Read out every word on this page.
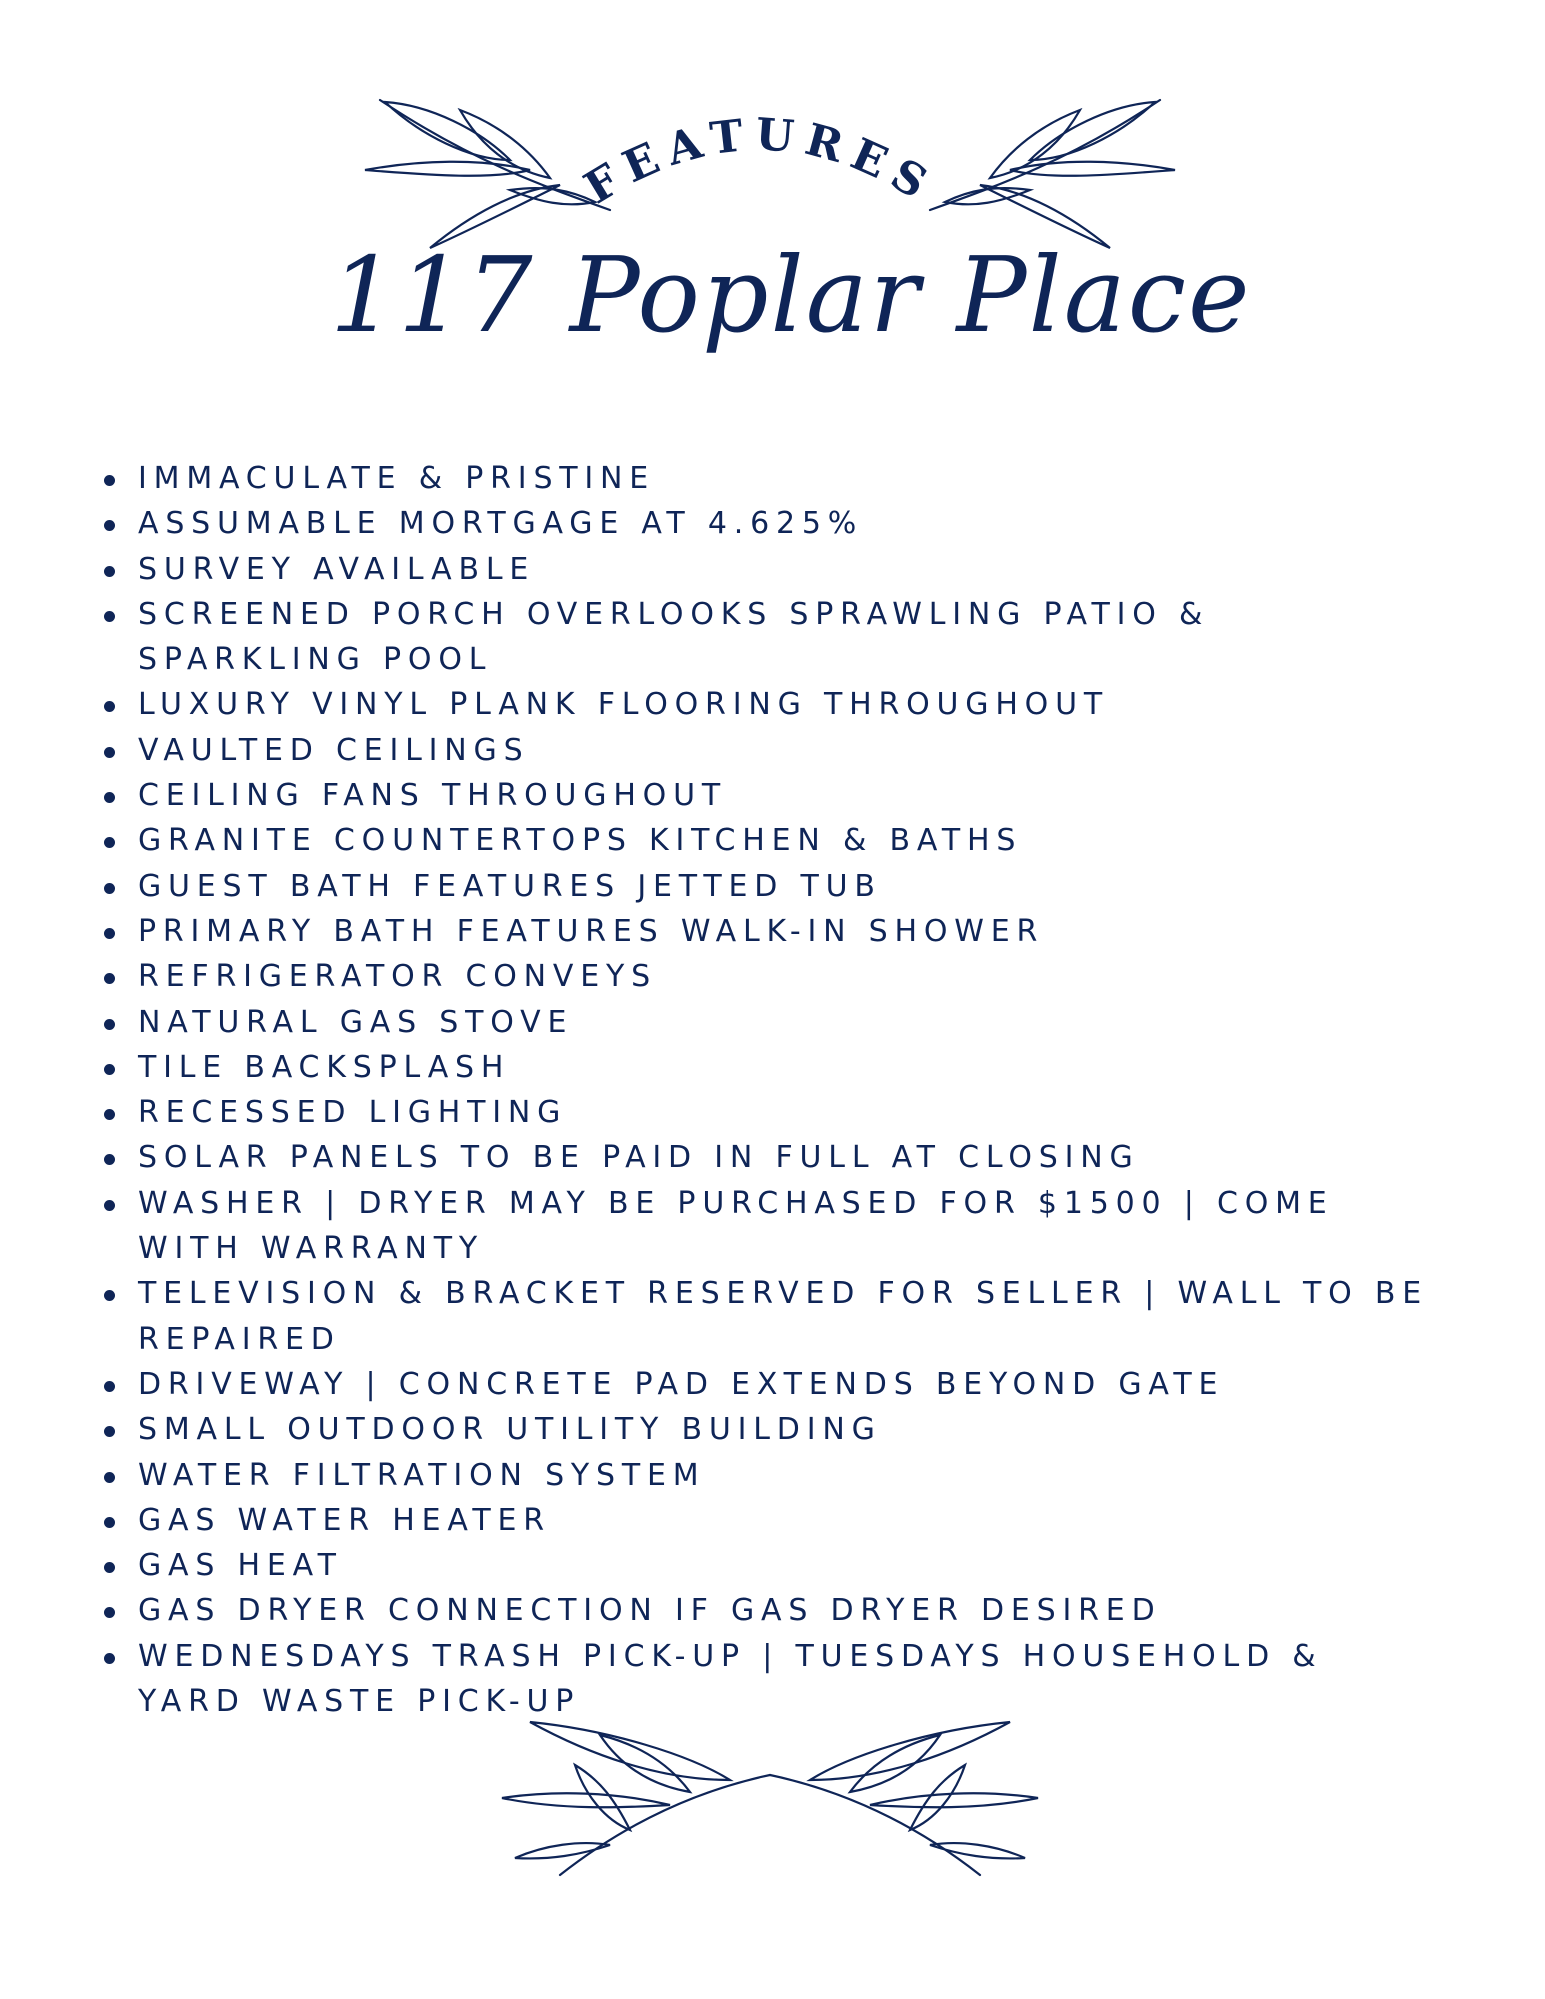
FEATURES
117 Poplar Place
IMMACULATE & PRISTINE
ASSUMABLE MORTGAGE AT 4.625%
SURVEY AVAILABLE
SCREENED PORCH OVERLOOKS SPRAWLING PATIO & SPARKLING POOL
LUXURY VINYL PLANK FLOORING THROUGHOUT
VAULTED CEILINGS
CEILING FANS THROUGHOUT
GRANITE COUNTERTOPS KITCHEN & BATHS
GUEST BATH FEATURES JETTED TUB
PRIMARY BATH FEATURES WALK-IN SHOWER
REFRIGERATOR CONVEYS
NATURAL GAS STOVE
TILE BACKSPLASH
RECESSED LIGHTING
SOLAR PANELS TO BE PAID IN FULL AT CLOSING
WASHER | DRYER MAY BE PURCHASED FOR $1500 | COME WITH WARRANTY
TELEVISION & BRACKET RESERVED FOR SELLER | WALL TO BE REPAIRED
DRIVEWAY | CONCRETE PAD EXTENDS BEYOND GATE
SMALL OUTDOOR UTILITY BUILDING
WATER FILTRATION SYSTEM
GAS WATER HEATER
GAS HEAT
GAS DRYER CONNECTION IF GAS DRYER DESIRED
WEDNESDAYS TRASH PICK-UP | TUESDAYS HOUSEHOLD & YARD WASTE PICK-UP
